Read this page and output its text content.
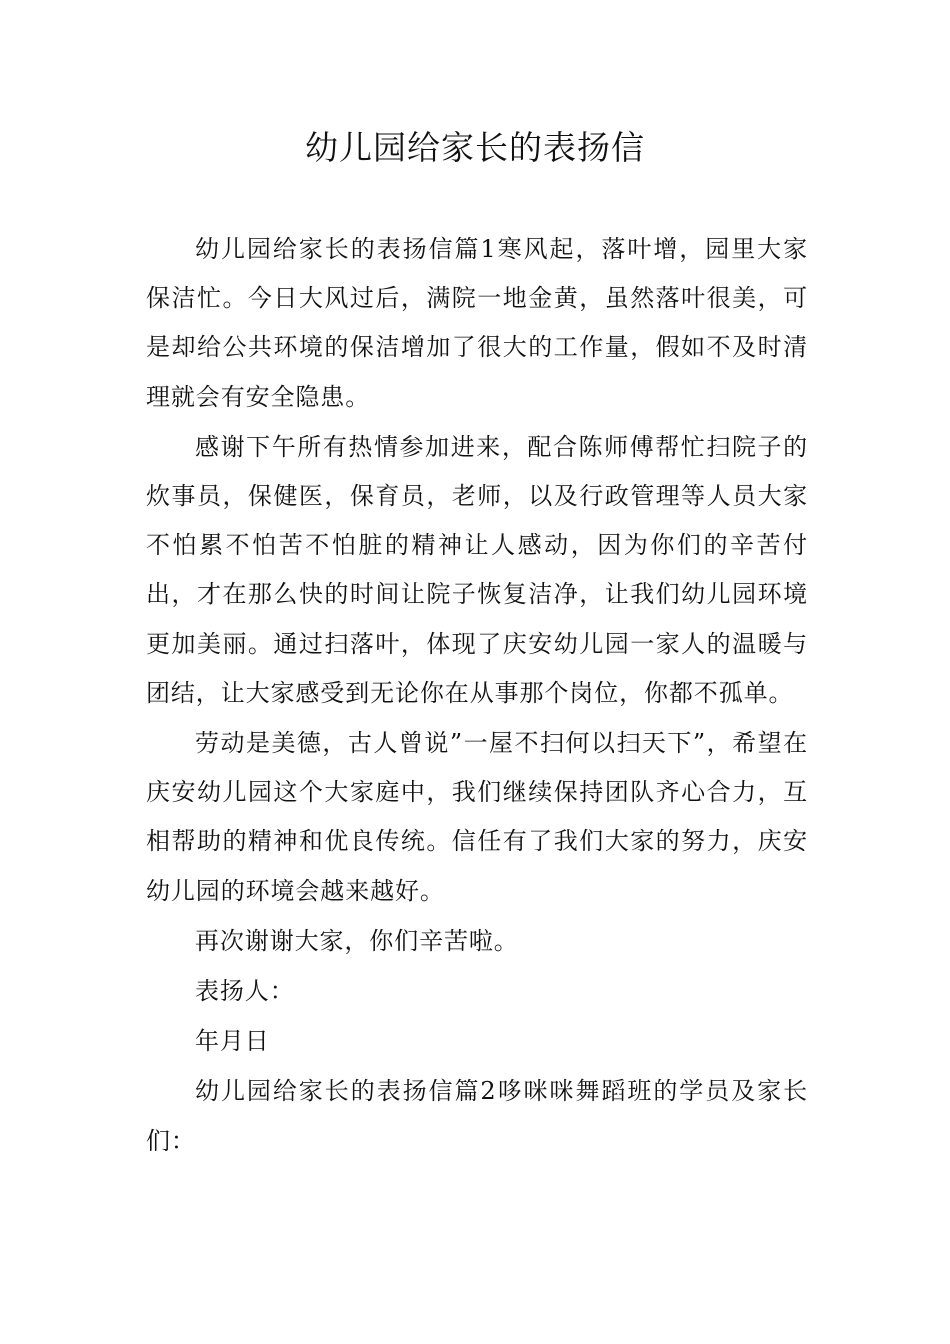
幼儿园给家长的表扬信

幼儿园给家长的表扬信篇1寒风起，落叶增，园里大家保洁忙。今日大风过后，满院一地金黄，虽然落叶很美，可是却给公共环境的保洁增加了很大的工作量，假如不及时清理就会有安全隐患。

感谢下午所有热情参加进来，配合陈师傅帮忙扫院子的炊事员，保健医，保育员，老师，以及行政管理等人员大家不怕累不怕苦不怕脏的精神让人感动，因为你们的辛苦付出，才在那么快的时间让院子恢复洁净，让我们幼儿园环境更加美丽。通过扫落叶，体现了庆安幼儿园一家人的温暖与团结，让大家感受到无论你在从事那个岗位，你都不孤单。

劳动是美德，古人曾说”一屋不扫何以扫天下”，希望在庆安幼儿园这个大家庭中，我们继续保持团队齐心合力，互相帮助的精神和优良传统。信任有了我们大家的努力，庆安幼儿园的环境会越来越好。

再次谢谢大家，你们辛苦啦。

表扬人：

年月日

幼儿园给家长的表扬信篇2哆咪咪舞蹈班的学员及家长们：
